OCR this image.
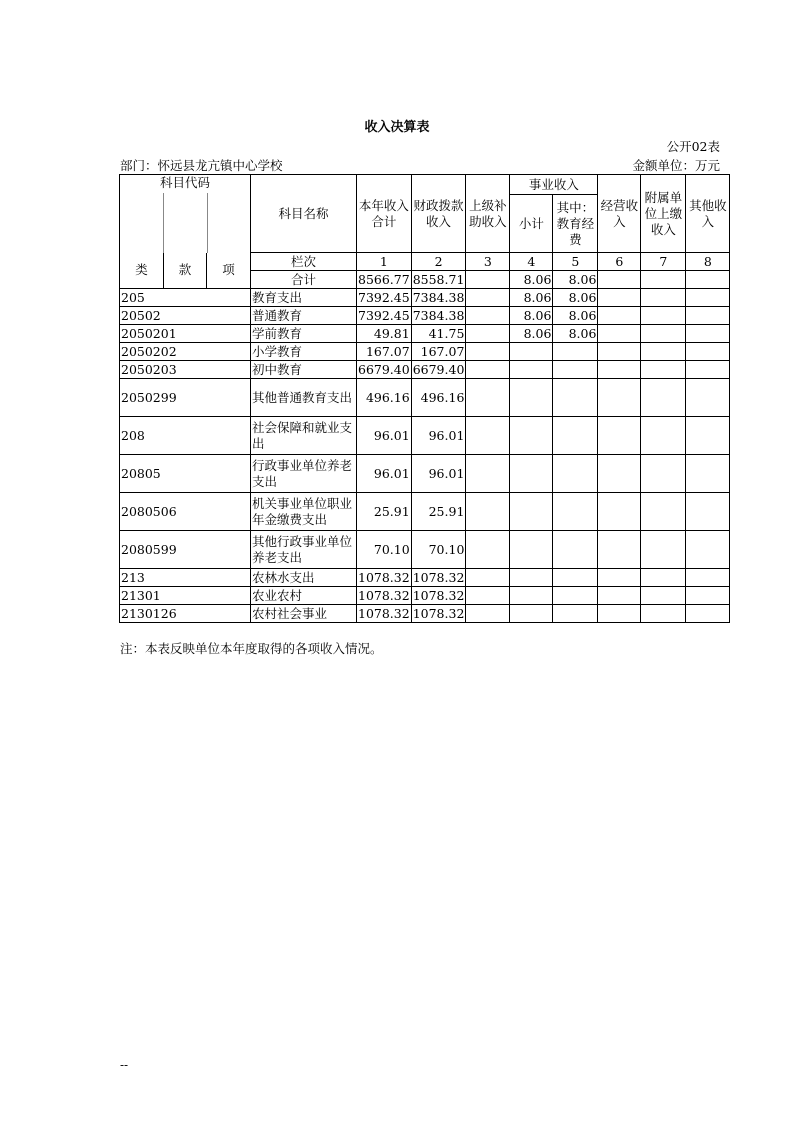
收入决算表
公开02表
部门：怀远县龙亢镇中心学校	金额单位：万元
科目代码			科目名称	本年收入合计	财政拨款收入	上级补助收入	事业收入		经营收入	附属单位上缴收入	其他收入
							小计	其中：教育经费			

类	款	项	栏次	1	2	3	4	5	6	7	8
			合计	8566.77	8558.71		8.06	8.06			
205			教育支出	7392.45	7384.38		8.06	8.06			
20502			普通教育	7392.45	7384.38		8.06	8.06			
2050201			学前教育	49.81	41.75		8.06	8.06			
2050202			小学教育	167.07	167.07						
2050203			初中教育	6679.40	6679.40						
2050299			其他普通教育支出	496.16	496.16						
208			社会保障和就业支出	96.01	96.01						
20805			行政事业单位养老支出	96.01	96.01						
2080506			机关事业单位职业年金缴费支出	25.91	25.91						
2080599			其他行政事业单位养老支出	70.10	70.10						
213			农林水支出	1078.32	1078.32						
21301			农业农村	1078.32	1078.32						
2130126			农村社会事业	1078.32	1078.32						
注：本表反映单位本年度取得的各项收入情况。
--
